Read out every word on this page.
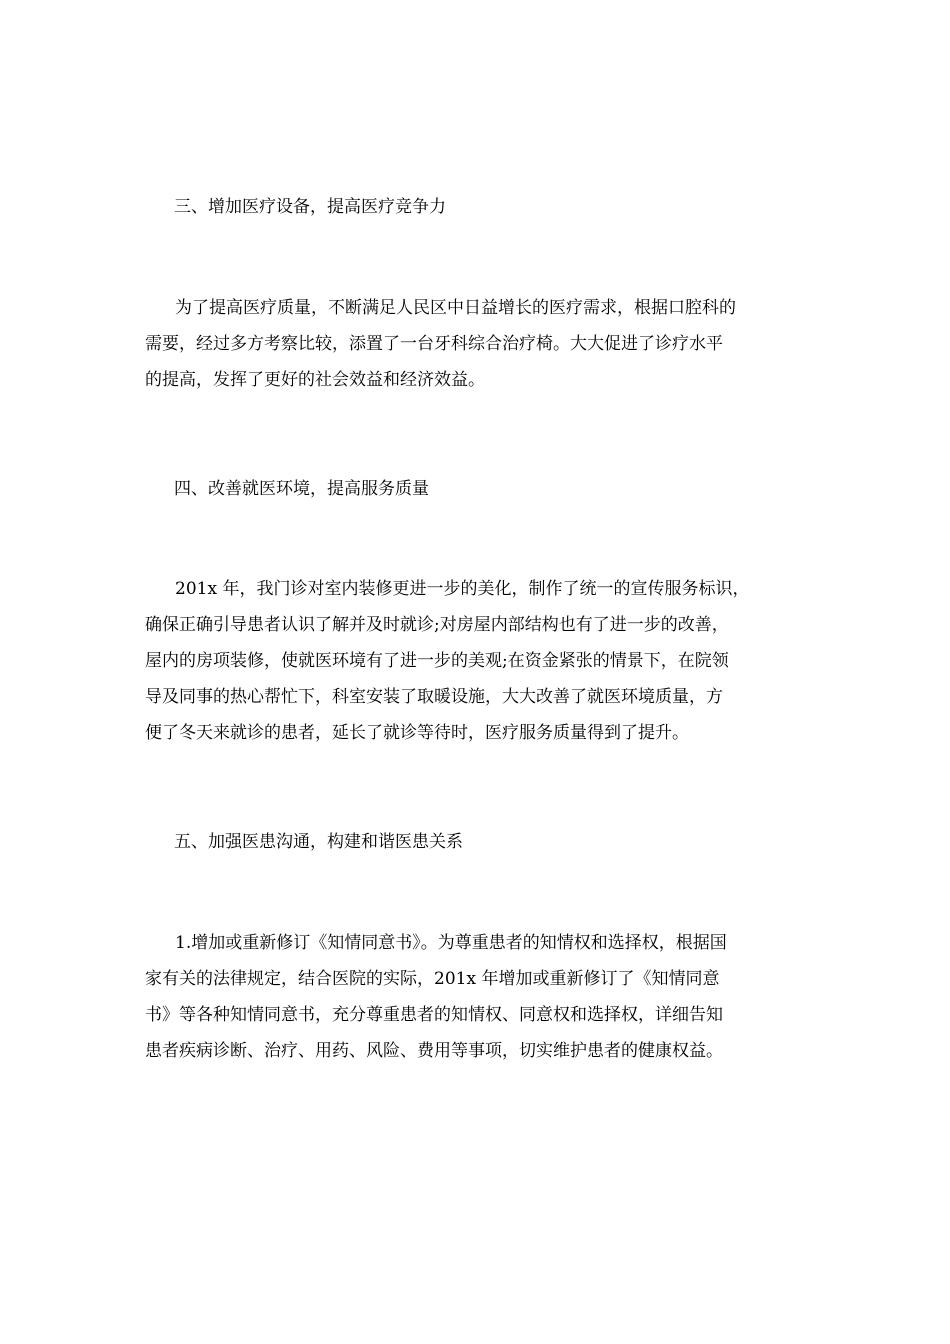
三、增加医疗设备，提高医疗竞争力
为了提高医疗质量，不断满足人民区中日益增长的医疗需求，根据口腔科的
需要，经过多方考察比较，添置了一台牙科综合治疗椅。大大促进了诊疗水平
的提高，发挥了更好的社会效益和经济效益。
四、改善就医环境，提高服务质量
201x 年，我门诊对室内装修更进一步的美化，制作了统一的宣传服务标识，
确保正确引导患者认识了解并及时就诊;对房屋内部结构也有了进一步的改善，
屋内的房项装修，使就医环境有了进一步的美观;在资金紧张的情景下，在院领
导及同事的热心帮忙下，科室安装了取暖设施，大大改善了就医环境质量，方
便了冬天来就诊的患者，延长了就诊等待时，医疗服务质量得到了提升。
五、加强医患沟通，构建和谐医患关系
1.增加或重新修订《知情同意书》。为尊重患者的知情权和选择权，根据国
家有关的法律规定，结合医院的实际，201x 年增加或重新修订了《知情同意
书》等各种知情同意书，充分尊重患者的知情权、同意权和选择权，详细告知
患者疾病诊断、治疗、用药、风险、费用等事项，切实维护患者的健康权益。
